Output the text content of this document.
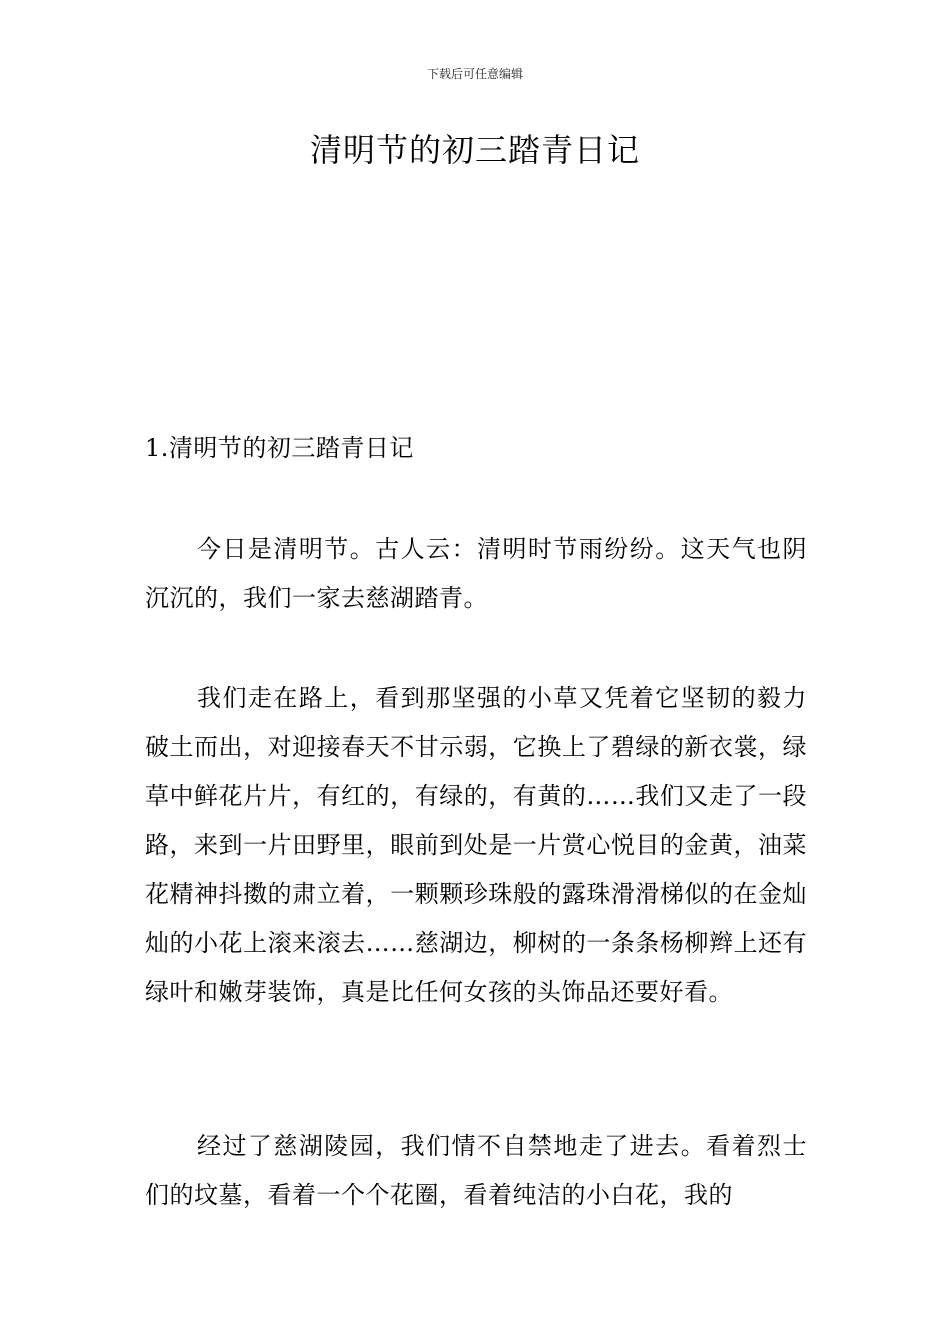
下载后可任意编辑
清明节的初三踏青日记
1.清明节的初三踏青日记

今日是清明节。古人云：清明时节雨纷纷。这天气也阴沉沉的，我们一家去慈湖踏青。

我们走在路上，看到那坚强的小草又凭着它坚韧的毅力破土而出，对迎接春天不甘示弱，它换上了碧绿的新衣裳，绿草中鲜花片片，有红的，有绿的，有黄的……我们又走了一段路，来到一片田野里，眼前到处是一片赏心悦目的金黄，油菜花精神抖擞的肃立着，一颗颗珍珠般的露珠滑滑梯似的在金灿灿的小花上滚来滚去……慈湖边，柳树的一条条杨柳辫上还有绿叶和嫩芽装饰，真是比任何女孩的头饰品还要好看。

经过了慈湖陵园，我们情不自禁地走了进去。看着烈士们的坟墓，看着一个个花圈，看着纯洁的小白花，我的
